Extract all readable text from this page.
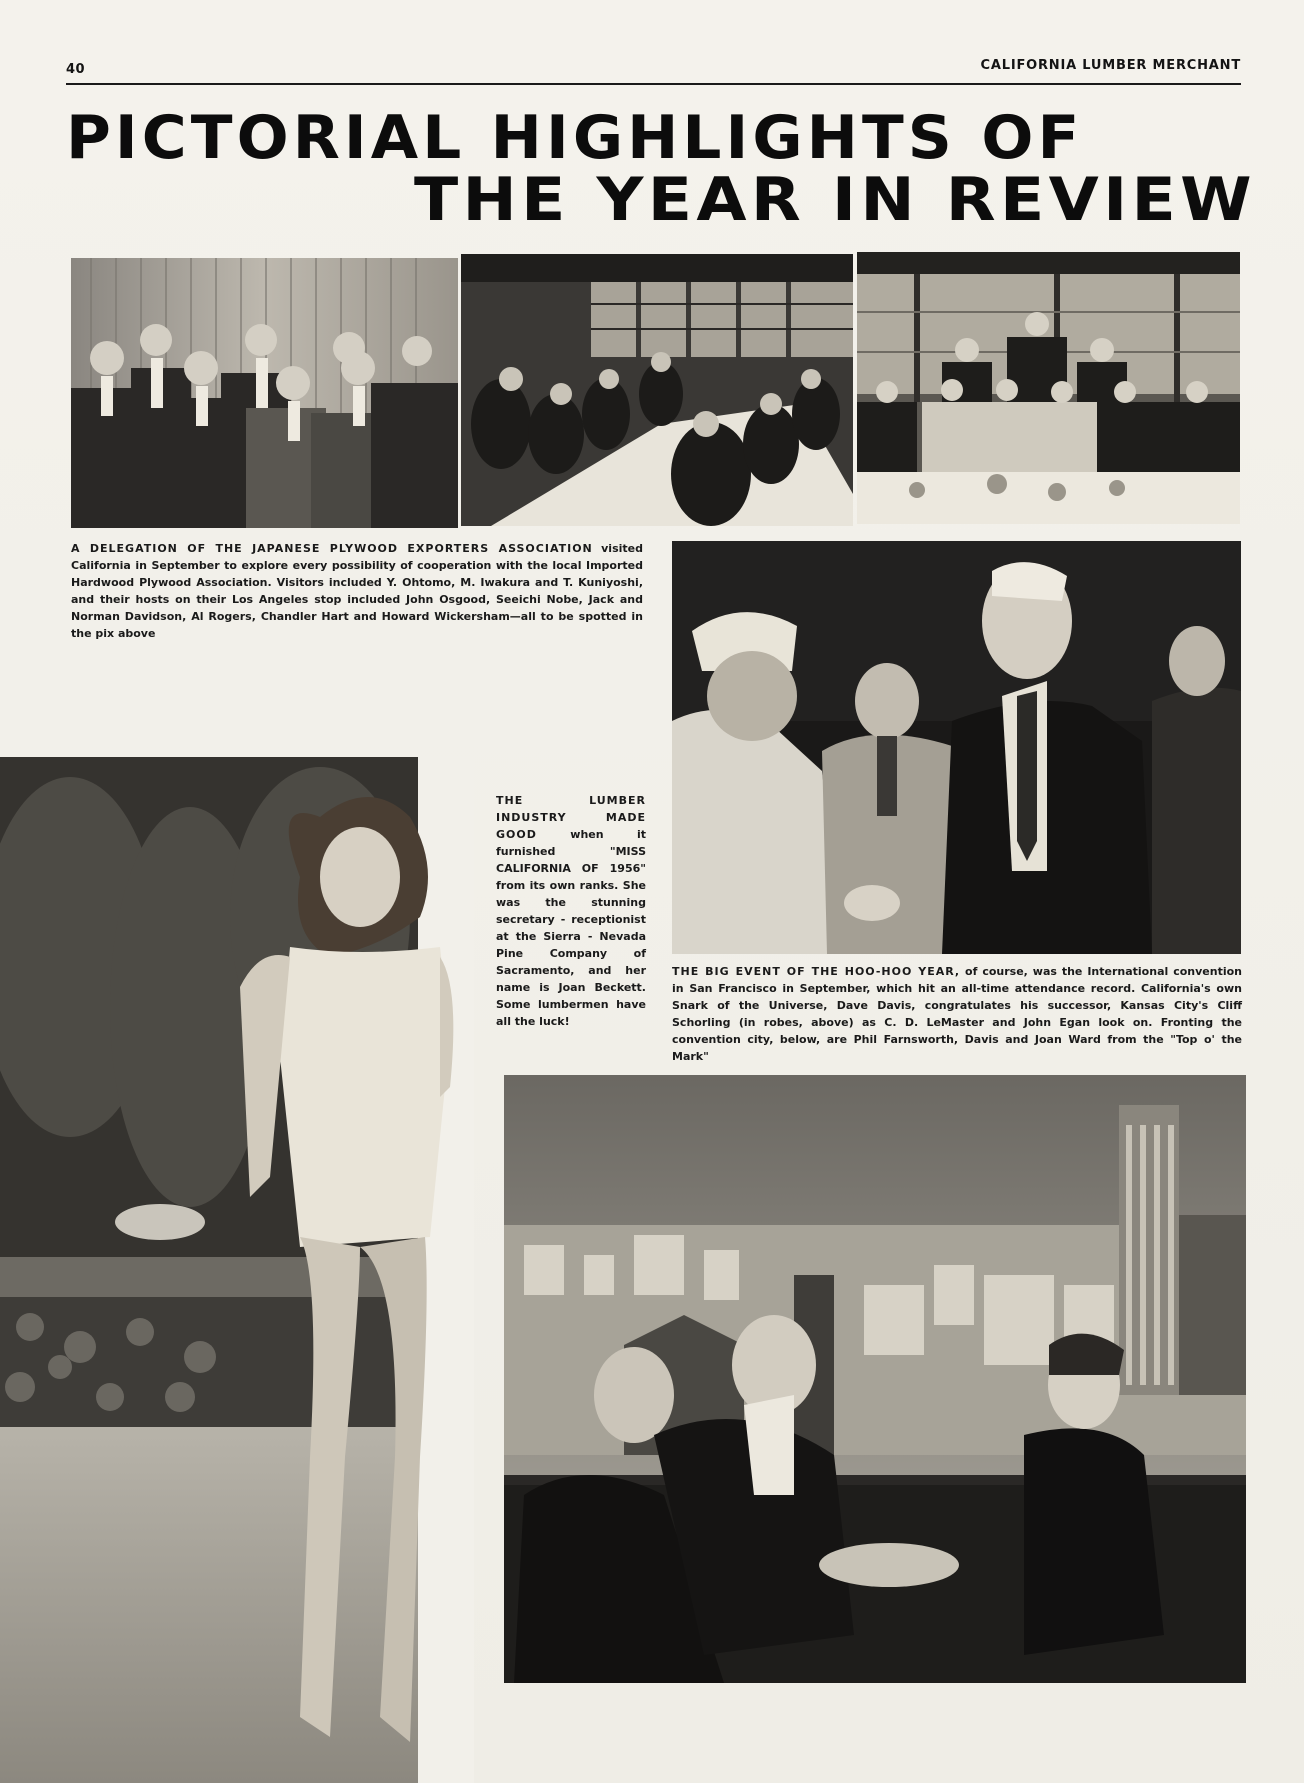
40	CALIFORNIA LUMBER MERCHANT
PICTORIAL HIGHLIGHTS OF
THE YEAR IN REVIEW
A DELEGATION OF THE JAPANESE PLYWOOD EXPORTERS ASSOCIATION visited California in September to explore every possibility of cooperation with the local Imported Hardwood Plywood Association. Visitors included Y. Ohtomo, M. Iwakura and T. Kuniyoshi, and their hosts on their Los Angeles stop included John Osgood, Seeichi Nobe, Jack and Norman Davidson, Al Rogers, Chandler Hart and Howard Wickersham—all to be spotted in the pix above
THE LUMBER INDUSTRY MADE GOOD	when it furnished "MISS CALIFORNIA OF 1956" from its own ranks. She was the stunning secretary - receptionist at the Sierra - Nevada Pine Company of Sacramento, and her name is Joan Beckett. Some lumbermen have all the luck!
THE BIG EVENT OF THE HOO-HOO YEAR, of course, was the International convention in San Francisco in September, which hit an all-time attendance record. California's own Snark of the Universe, Dave Davis, congratulates his successor, Kansas City's Cliff Schorling (in robes, above) as C. D. LeMaster and John Egan look on. Fronting the convention city, below, are Phil Farnsworth, Davis and Joan Ward from the "Top o' the Mark"
